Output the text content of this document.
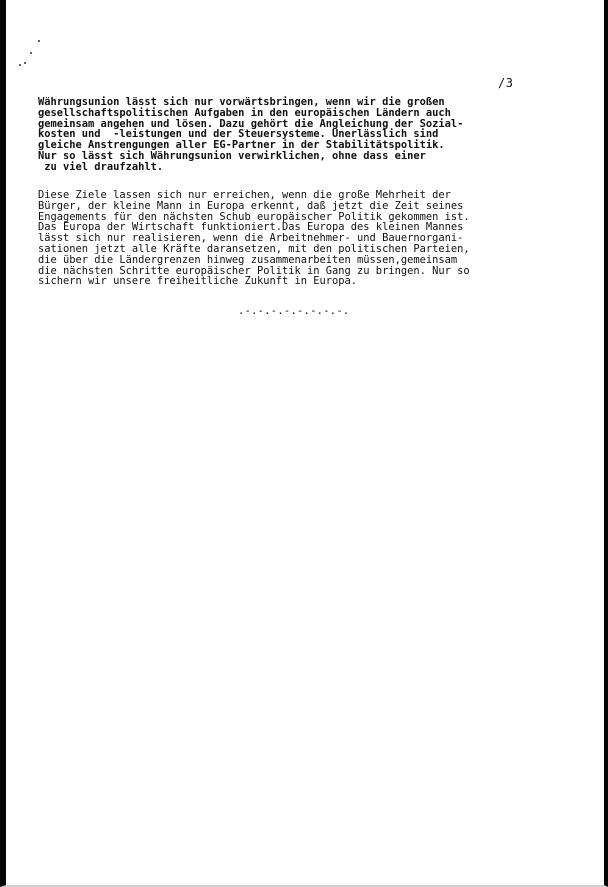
/3

Währungsunion lässt sich nur vorwärtsbringen, wenn wir die großen
gesellschaftspolitischen Aufgaben in den europäischen Ländern auch
gemeinsam angehen und lösen. Dazu gehört die Angleichung der Sozial-
kosten und  -leistungen und der Steuersysteme. Unerlässlich sind
gleiche Anstrengungen aller EG-Partner in der Stabilitätspolitik.
Nur so lässt sich Währungsunion verwirklichen, ohne dass einer
zu viel draufzahlt.

Diese Ziele lassen sich nur erreichen, wenn die große Mehrheit der
Bürger, der kleine Mann in Europa erkennt, daß jetzt die Zeit seines
Engagements für den nächsten Schub europäischer Politik gekommen ist.
Das Europa der Wirtschaft funktioniert.Das Europa des kleinen Mannes
lässt sich nur realisieren, wenn die Arbeitnehmer- und Bauernorgani-
sationen jetzt alle Kräfte daransetzen, mit den politischen Parteien,
die über die Ländergrenzen hinweg zusammenarbeiten müssen,gemeinsam
die nächsten Schritte europäischer Politik in Gang zu bringen. Nur so
sichern wir unsere freiheitliche Zukunft in Europa.

.-.-.-.-.-.-.-.-.
